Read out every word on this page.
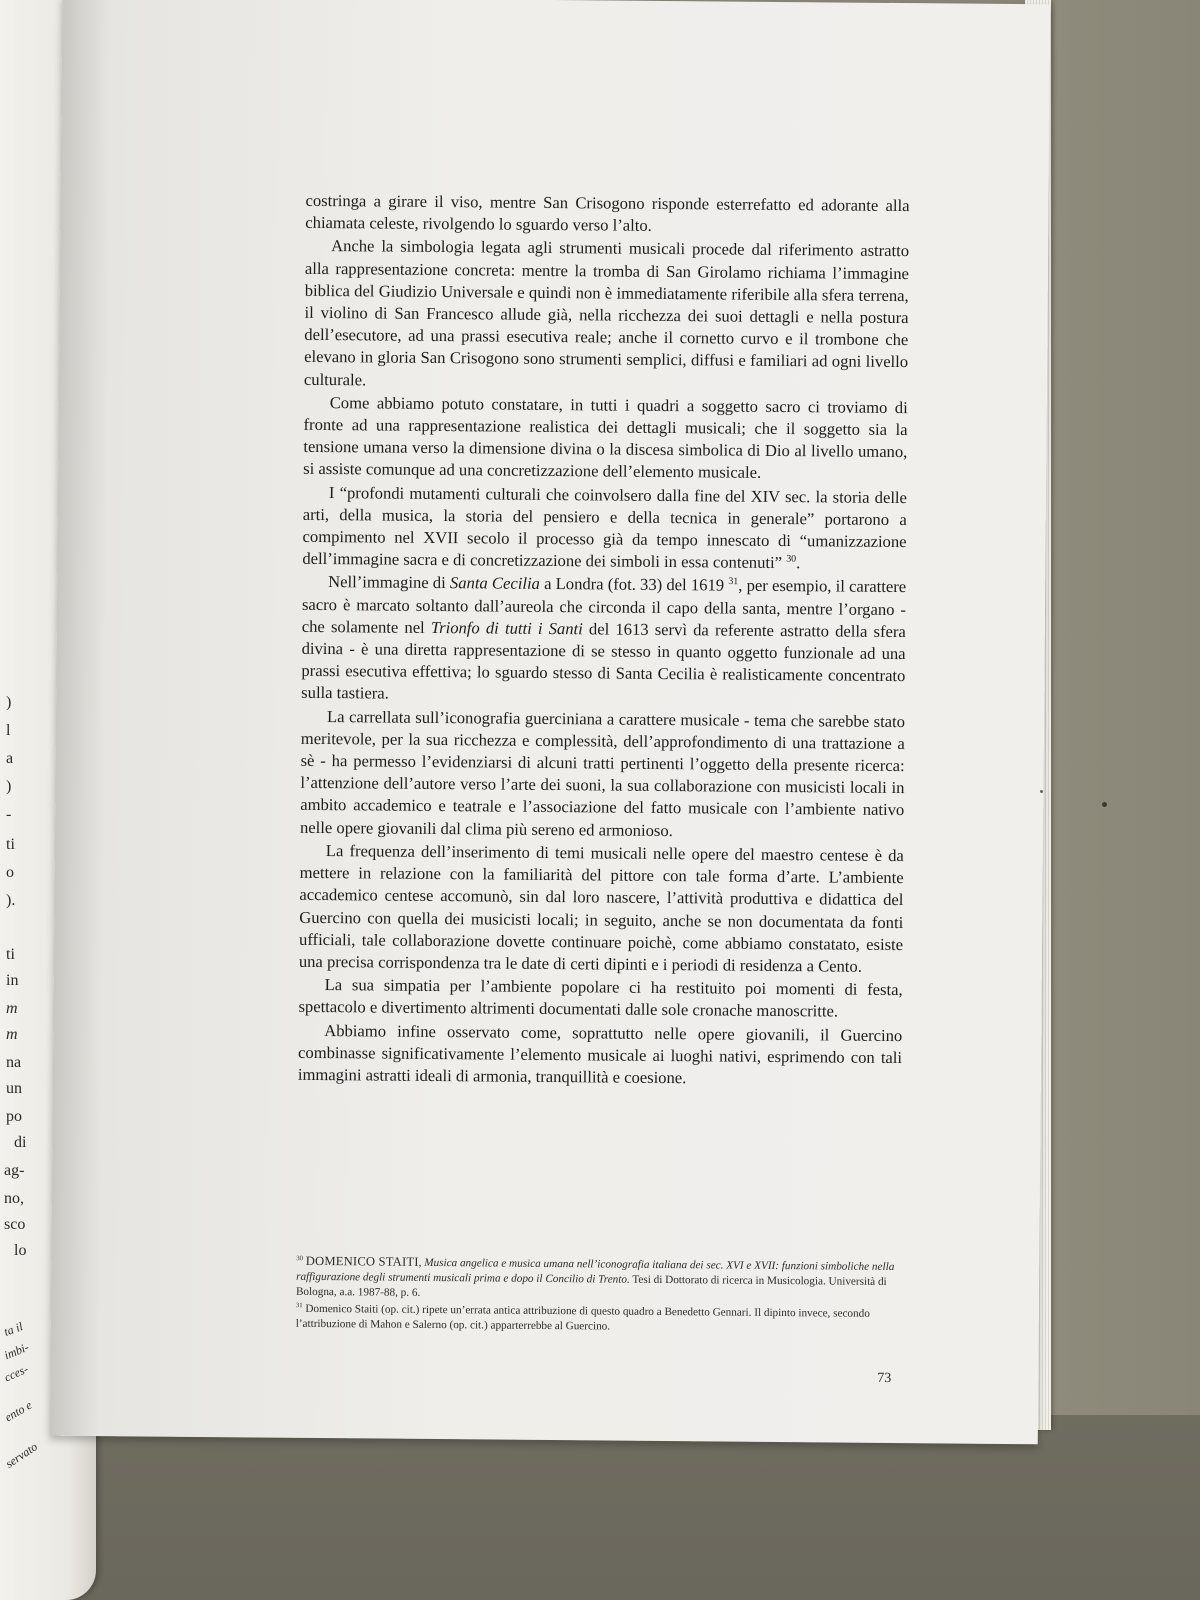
)
l
a
)
-
ti
o
).
ti
in
m
m
na
un
po
di
ag-
no,
sco
lo
ta il
imbi-
cces-
ento e
servato

costringa a girare il viso, mentre San Crisogono risponde esterrefatto ed adorante alla chiamata celeste, rivolgendo lo sguardo verso l’alto.

Anche la simbologia legata agli strumenti musicali procede dal riferimento astratto alla rappresentazione concreta: mentre la tromba di San Girolamo richiama l’immagine biblica del Giudizio Universale e quindi non è immediatamente riferibile alla sfera terrena, il violino di San Francesco allude già, nella ricchezza dei suoi dettagli e nella postura dell’esecutore, ad una prassi esecutiva reale; anche il cornetto curvo e il trombone che elevano in gloria San Crisogono sono strumenti semplici, diffusi e familiari ad ogni livello culturale.

Come abbiamo potuto constatare, in tutti i quadri a soggetto sacro ci troviamo di fronte ad una rappresentazione realistica dei dettagli musicali; che il soggetto sia la tensione umana verso la dimensione divina o la discesa simbolica di Dio al livello umano, si assiste comunque ad una concretizzazione dell’elemento musicale.

I “profondi mutamenti culturali che coinvolsero dalla fine del XIV sec. la storia delle arti, della musica, la storia del pensiero e della tecnica in generale” portarono a compimento nel XVII secolo il processo già da tempo innescato di “umanizzazione dell’immagine sacra e di concretizzazione dei simboli in essa contenuti” $^{30}$.

Nell’immagine di Santa Cecilia a Londra (fot. 33) del 1619 $^{31}$, per esempio, il carattere sacro è marcato soltanto dall’aureola che circonda il capo della santa, mentre l’organo - che solamente nel Trionfo di tutti i Santi del 1613 servì da referente astratto della sfera divina - è una diretta rappresentazione di se stesso in quanto oggetto funzionale ad una prassi esecutiva effettiva; lo sguardo stesso di Santa Cecilia è realisticamente concentrato sulla tastiera.

La carrellata sull’iconografia guerciniana a carattere musicale - tema che sarebbe stato meritevole, per la sua ricchezza e complessità, dell’approfondimento di una trattazione a sè - ha permesso l’evidenziarsi di alcuni tratti pertinenti l’oggetto della presente ricerca: l’attenzione dell’autore verso l’arte dei suoni, la sua collaborazione con musicisti locali in ambito accademico e teatrale e l’associazione del fatto musicale con l’ambiente nativo nelle opere giovanili dal clima più sereno ed armonioso.

La frequenza dell’inserimento di temi musicali nelle opere del maestro centese è da mettere in relazione con la familiarità del pittore con tale forma d’arte. L’ambiente accademico centese accomunò, sin dal loro nascere, l’attività produttiva e didattica del Guercino con quella dei musicisti locali; in seguito, anche se non documentata da fonti ufficiali, tale collaborazione dovette continuare poichè, come abbiamo constatato, esiste una precisa corrispondenza tra le date di certi dipinti e i periodi di residenza a Cento.

La sua simpatia per l’ambiente popolare ci ha restituito poi momenti di festa, spettacolo e divertimento altrimenti documentati dalle sole cronache manoscritte.

Abbiamo infine osservato come, soprattutto nelle opere giovanili, il Guercino combinasse significativamente l’elemento musicale ai luoghi nativi, esprimendo con tali immagini astratti ideali di armonia, tranquillità e coesione.

$^{30}$ DOMENICO STAITI, Musica angelica e musica umana nell’iconografia italiana dei sec. XVI e XVII: funzioni simboliche nella raffigurazione degli strumenti musicali prima e dopo il Concilio di Trento. Tesi di Dottorato di ricerca in Musicologia. Università di Bologna, a.a. 1987-88, p. 6.

$^{31}$ Domenico Staiti (op. cit.) ripete un’errata antica attribuzione di questo quadro a Benedetto Gennari. Il dipinto invece, secondo l’attribuzione di Mahon e Salerno (op. cit.) apparterrebbe al Guercino.

73
